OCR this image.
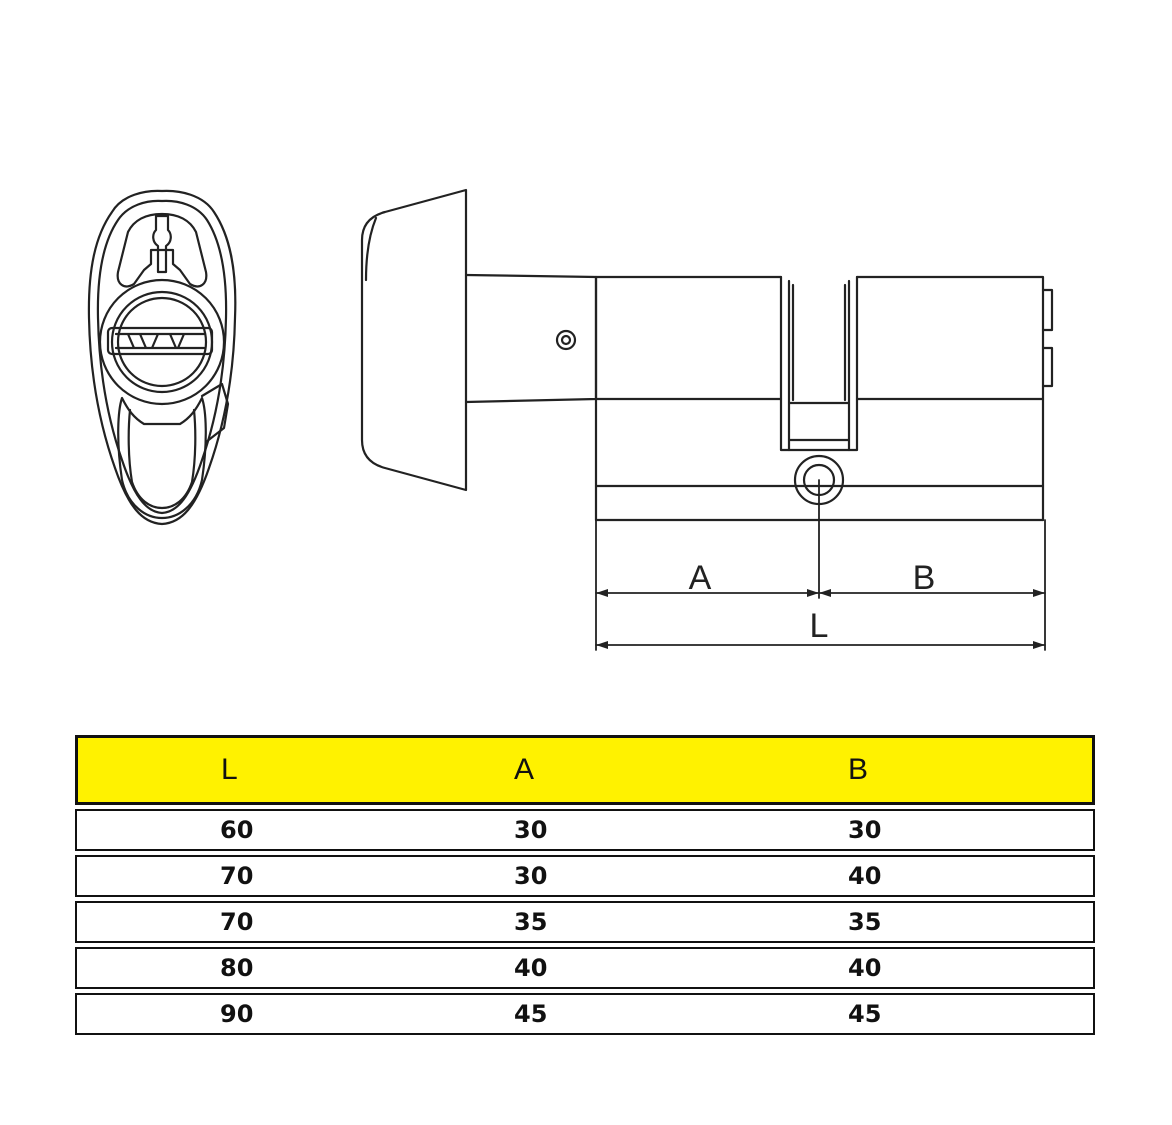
A	B
L
L	A	B

60	30	30

70	30	40

70	35	35

80	40	40

90	45	45
